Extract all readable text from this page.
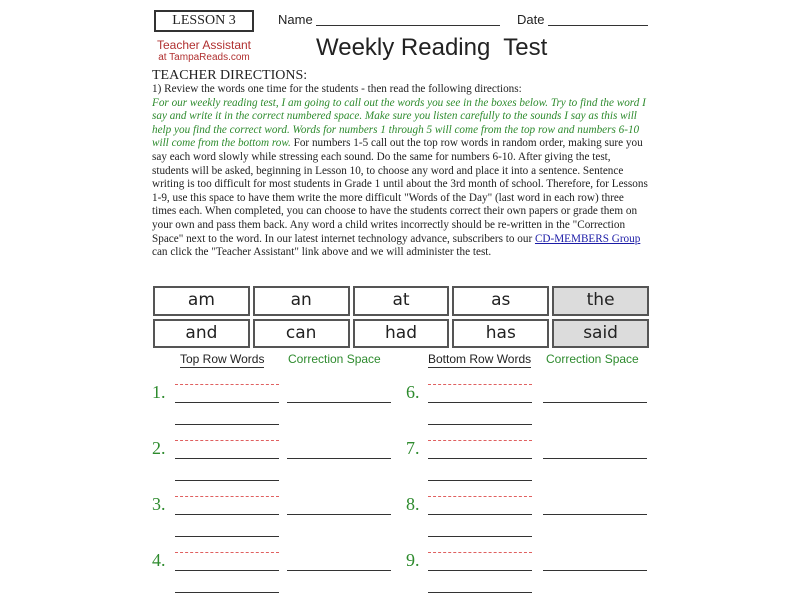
LESSON 3	Name	Date
Teacher Assistant
at TampaReads.com	Weekly Reading  Test
TEACHER DIRECTIONS:
1) Review the words one time for the students - then read the following directions:
For our weekly reading test, I am going to call out the words you see in the boxes below. Try to find the word I say and write it in the correct numbered space. Make sure you listen carefully to the sounds I say as this will help you find the correct word. Words for numbers 1 through 5 will come from the top row and numbers 6-10 will come from the bottom row. For numbers 1-5 call out the top row words in random order, making sure you say each word slowly while stressing each sound. Do the same for numbers 6-10. After giving the test, students will be asked, beginning in Lesson 10, to choose any word and place it into a sentence. Sentence writing is too difficult for most students in Grade 1 until about the 3rd month of school. Therefore, for Lessons 1-9, use this space to have them write the more difficult "Words of the Day" (last word in each row) three times each. When completed, you can choose to have the students correct their own papers or grade them on your own and pass them back. Any word a child writes incorrectly should be re-written in the "Correction Space" next to the word. In our latest internet technology advance, subscribers to our CD-MEMBERS Group can click the "Teacher Assistant" link above and we will administer the test.
am	an	at	as	the
and	can	had	has	said
Top Row Words Correction Space	Bottom Row Words Correction Space
1.
2.
3.
4.
6.
7.
8.
9.
